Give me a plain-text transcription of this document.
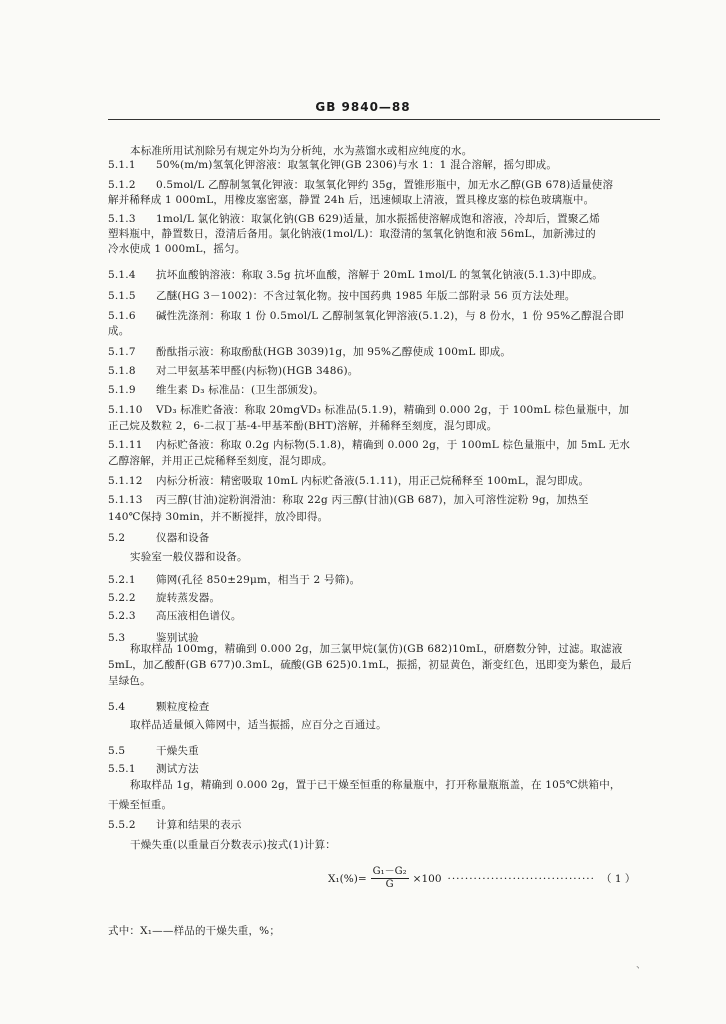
GB 9840—88
本标准所用试剂除另有规定外均为分析纯，水为蒸馏水或相应纯度的水。
5.1.1 50%(m/m)氢氧化钾溶液：取氢氧化钾(GB 2306)与水 1：1 混合溶解，摇匀即成。
5.1.2 0.5mol/L 乙醇制氢氧化钾液：取氢氧化钾约 35g，置锥形瓶中，加无水乙醇(GB 678)适量使溶
解并稀释成 1 000mL，用橡皮塞密塞，静置 24h 后，迅速倾取上清液，置具橡皮塞的棕色玻璃瓶中。
5.1.3 1mol/L 氯化钠液：取氯化钠(GB 629)适量，加水振摇使溶解成饱和溶液，冷却后，置聚乙烯
塑料瓶中，静置数日，澄清后备用。氯化钠液(1mol/L)：取澄清的氢氧化钠饱和液 56mL，加新沸过的
冷水使成 1 000mL，摇匀。
5.1.4 抗坏血酸钠溶液：称取 3.5g 抗坏血酸，溶解于 20mL 1mol/L 的氢氧化钠液(5.1.3)中即成。
5.1.5 乙醚(HG 3－1002)：不含过氧化物。按中国药典 1985 年版二部附录 56 页方法处理。
5.1.6 碱性洗涤剂：称取 1 份 0.5mol/L 乙醇制氢氧化钾溶液(5.1.2)，与 8 份水，1 份 95%乙醇混合即
成。
5.1.7 酚酞指示液：称取酚酞(HGB 3039)1g，加 95%乙醇使成 100mL 即成。
5.1.8 对二甲氨基苯甲醛(内标物)(HGB 3486)。
5.1.9 维生素 D₃ 标准品：(卫生部颁发)。
5.1.10 VD₃ 标准贮备液：称取 20mgVD₃ 标准品(5.1.9)，精确到 0.000 2g，于 100mL 棕色量瓶中，加
正己烷及数粒 2，6-二叔丁基-4-甲基苯酚(BHT)溶解，并稀释至刻度，混匀即成。
5.1.11 内标贮备液：称取 0.2g 内标物(5.1.8)，精确到 0.000 2g，于 100mL 棕色量瓶中，加 5mL 无水
乙醇溶解，并用正己烷稀释至刻度，混匀即成。
5.1.12 内标分析液：精密吸取 10mL 内标贮备液(5.1.11)，用正己烷稀释至 100mL，混匀即成。
5.1.13 丙三醇(甘油)淀粉润滑油：称取 22g 丙三醇(甘油)(GB 687)，加入可溶性淀粉 9g，加热至
140℃保持 30min，并不断搅拌，放冷即得。
5.2	仪器和设备
实验室一般仪器和设备。
5.2.1 筛网(孔径 850±29μm，相当于 2 号筛)。
5.2.2 旋转蒸发器。
5.2.3 高压液相色谱仪。
5.3	鉴别试验
称取样品 100mg，精确到 0.000 2g，加三氯甲烷(氯仿)(GB 682)10mL，研磨数分钟，过滤。取滤液
5mL，加乙酸酐(GB 677)0.3mL，硫酸(GB 625)0.1mL，振摇，初显黄色，渐变红色，迅即变为紫色，最后
呈绿色。
5.4	颗粒度检查
取样品适量倾入筛网中，适当振摇，应百分之百通过。
5.5	干燥失重
5.5.1 测试方法
称取样品 1g，精确到 0.000 2g，置于已干燥至恒重的称量瓶中，打开称量瓶瓶盖，在 105℃烘箱中，
干燥至恒重。
5.5.2 计算和结果的表示
干燥失重(以重量百分数表示)按式(1)计算：
式中：X₁——样品的干燥失重，%；
$X_1(\%)= \frac{\text{G₁－G₂}}{G} \times 100$ ·································· （ 1 ）
、
